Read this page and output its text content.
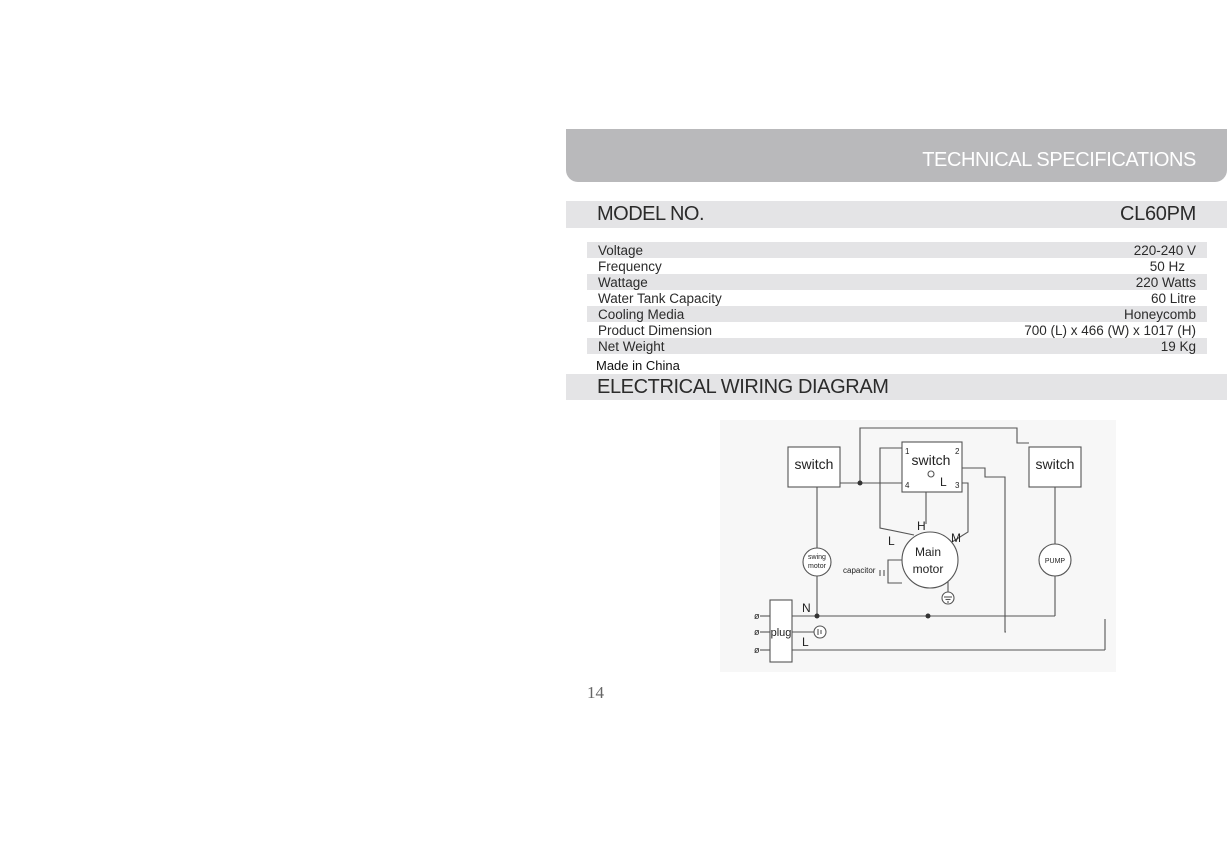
TECHNICAL SPECIFICATIONS
MODEL NO.	CL60PM
Voltage	220-240 V
Frequency	50 Hz
Wattage	220 Watts
Water Tank Capacity	60 Litre
Cooling Media	Honeycomb
Product Dimension	700 (L) x 466 (W) x 1017 (H)
Net Weight	19 Kg
Made in China
ELECTRICAL WIRING DIAGRAM
switch	switch
L
1	2
3
4
switch
swing
motor
Main
motor
H
L	M
capacitor
PUMP
plug
N
L
ø
ø
ø
14
